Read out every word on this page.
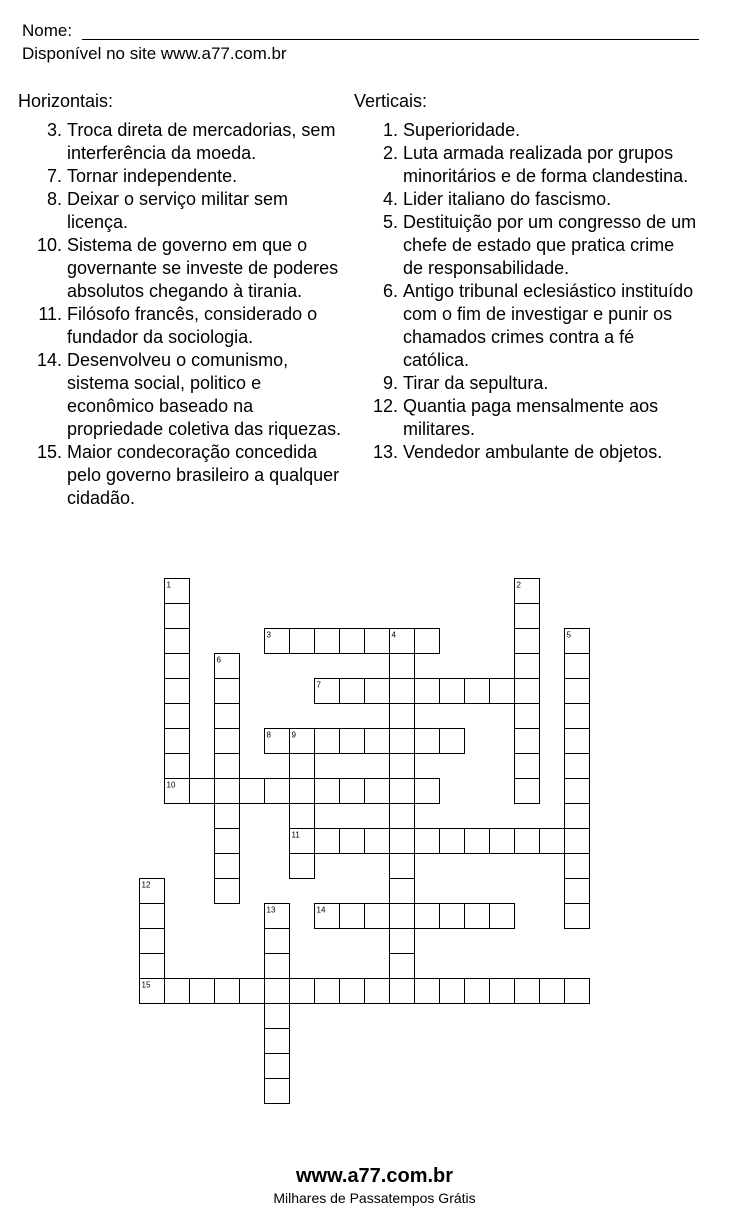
Nome:
Disponível no site www.a77.com.br
Horizontais:	Verticais:
3. Troca direta de mercadorias, sem interferência da moeda.
7. Tornar independente.
8. Deixar o serviço militar sem licença.
10. Sistema de governo em que o governante se investe de poderes absolutos chegando à tirania.
11. Filósofo francês, considerado o fundador da sociologia.
14. Desenvolveu o comunismo, sistema social, politico e econômico baseado na propriedade coletiva das riquezas.
15. Maior condecoração concedida pelo governo brasileiro a qualquer cidadão.
1. Superioridade.
2. Luta armada realizada por grupos minoritários e de forma clandestina.
4. Lider italiano do fascismo.
5. Destituição por um congresso de um chefe de estado que pratica crime de responsabilidade.
6. Antigo tribunal eclesiástico instituído com o fim de investigar e punir os chamados crimes contra a fé católica.
9. Tirar da sepultura.
12. Quantia paga mensalmente aos militares.
13. Vendedor ambulante de objetos.
1	2
3	4	5
6
7
8	9
10
11
12
13	14
15
www.a77.com.br
Milhares de Passatempos Grátis
